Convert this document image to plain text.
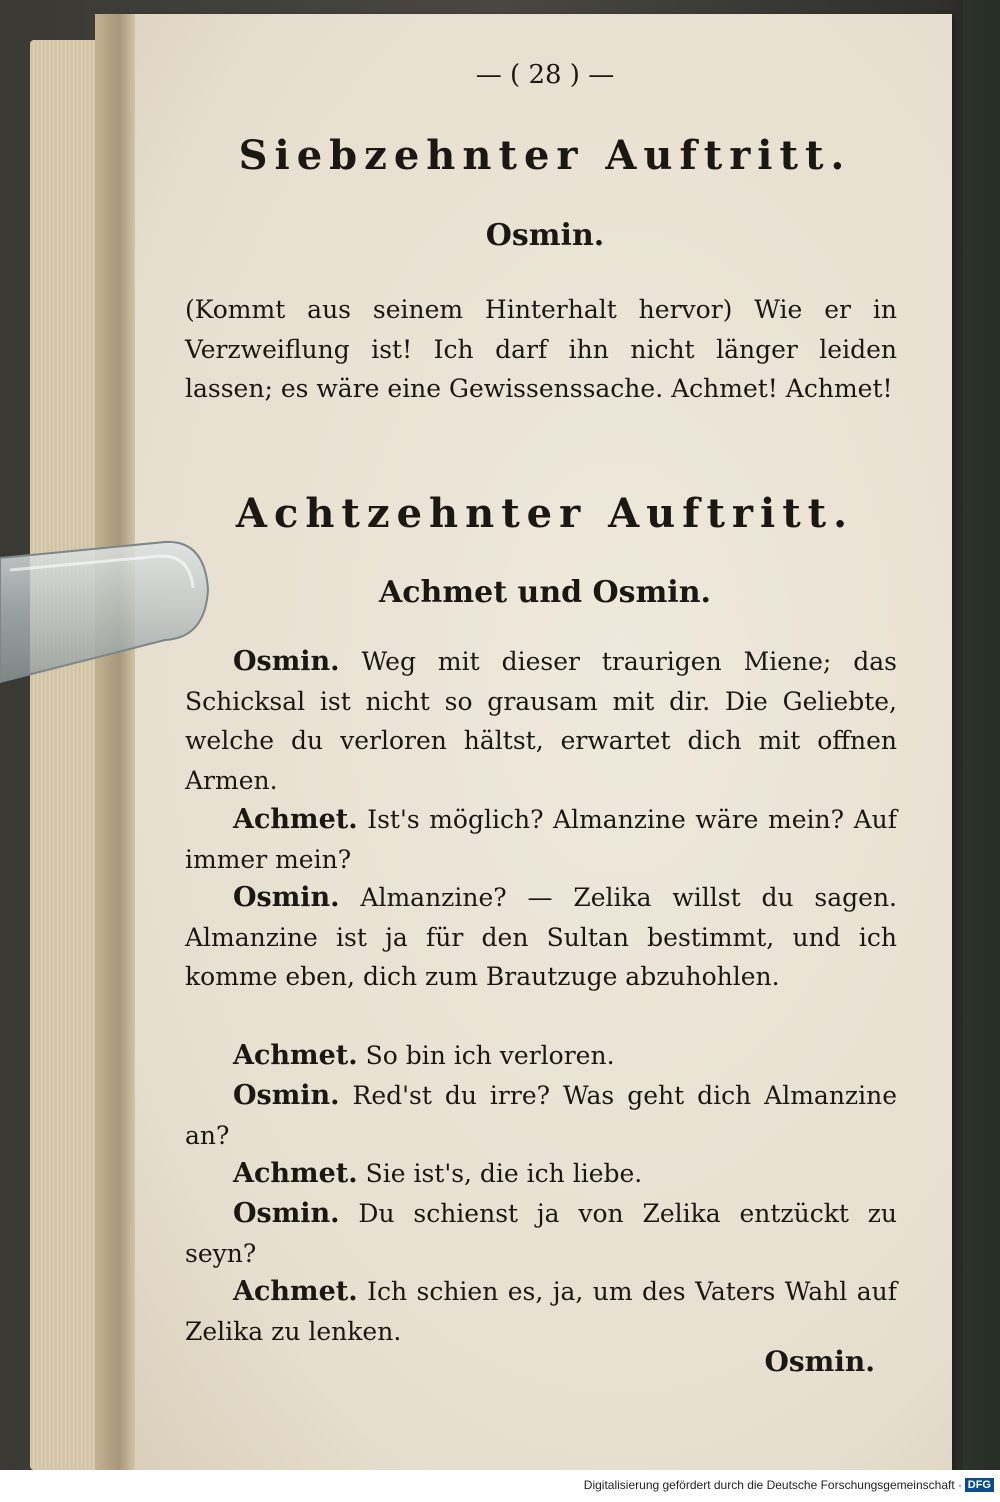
— ( 28 ) —
Siebzehnter Auftritt.
Osmin.
(Kommt aus seinem Hinterhalt hervor) Wie er in Verzweiflung ist! Ich darf ihn nicht länger leiden lassen; es wäre eine Gewissenssache. Achmet! Achmet!
Achtzehnter Auftritt.
Achmet und Osmin.
Osmin. Weg mit dieser traurigen Miene; das Schicksal ist nicht so grausam mit dir. Die Geliebte, welche du verloren hältst, erwartet dich mit offnen Armen.
Achmet. Ist's möglich? Almanzine wäre mein? Auf immer mein?
Osmin. Almanzine? — Zelika willst du sagen. Almanzine ist ja für den Sultan bestimmt, und ich komme eben, dich zum Brautzuge abzuhohlen.
Achmet. So bin ich verloren.
Osmin. Red'st du irre? Was geht dich Almanzine an?
Achmet. Sie ist's, die ich liebe.
Osmin. Du schienst ja von Zelika entzückt zu seyn?
Achmet. Ich schien es, ja, um des Vaters Wahl auf Zelika zu lenken.
Osmin.
Digitalisierung gefördert durch die Deutsche Forschungsgemeinschaft · DFG
